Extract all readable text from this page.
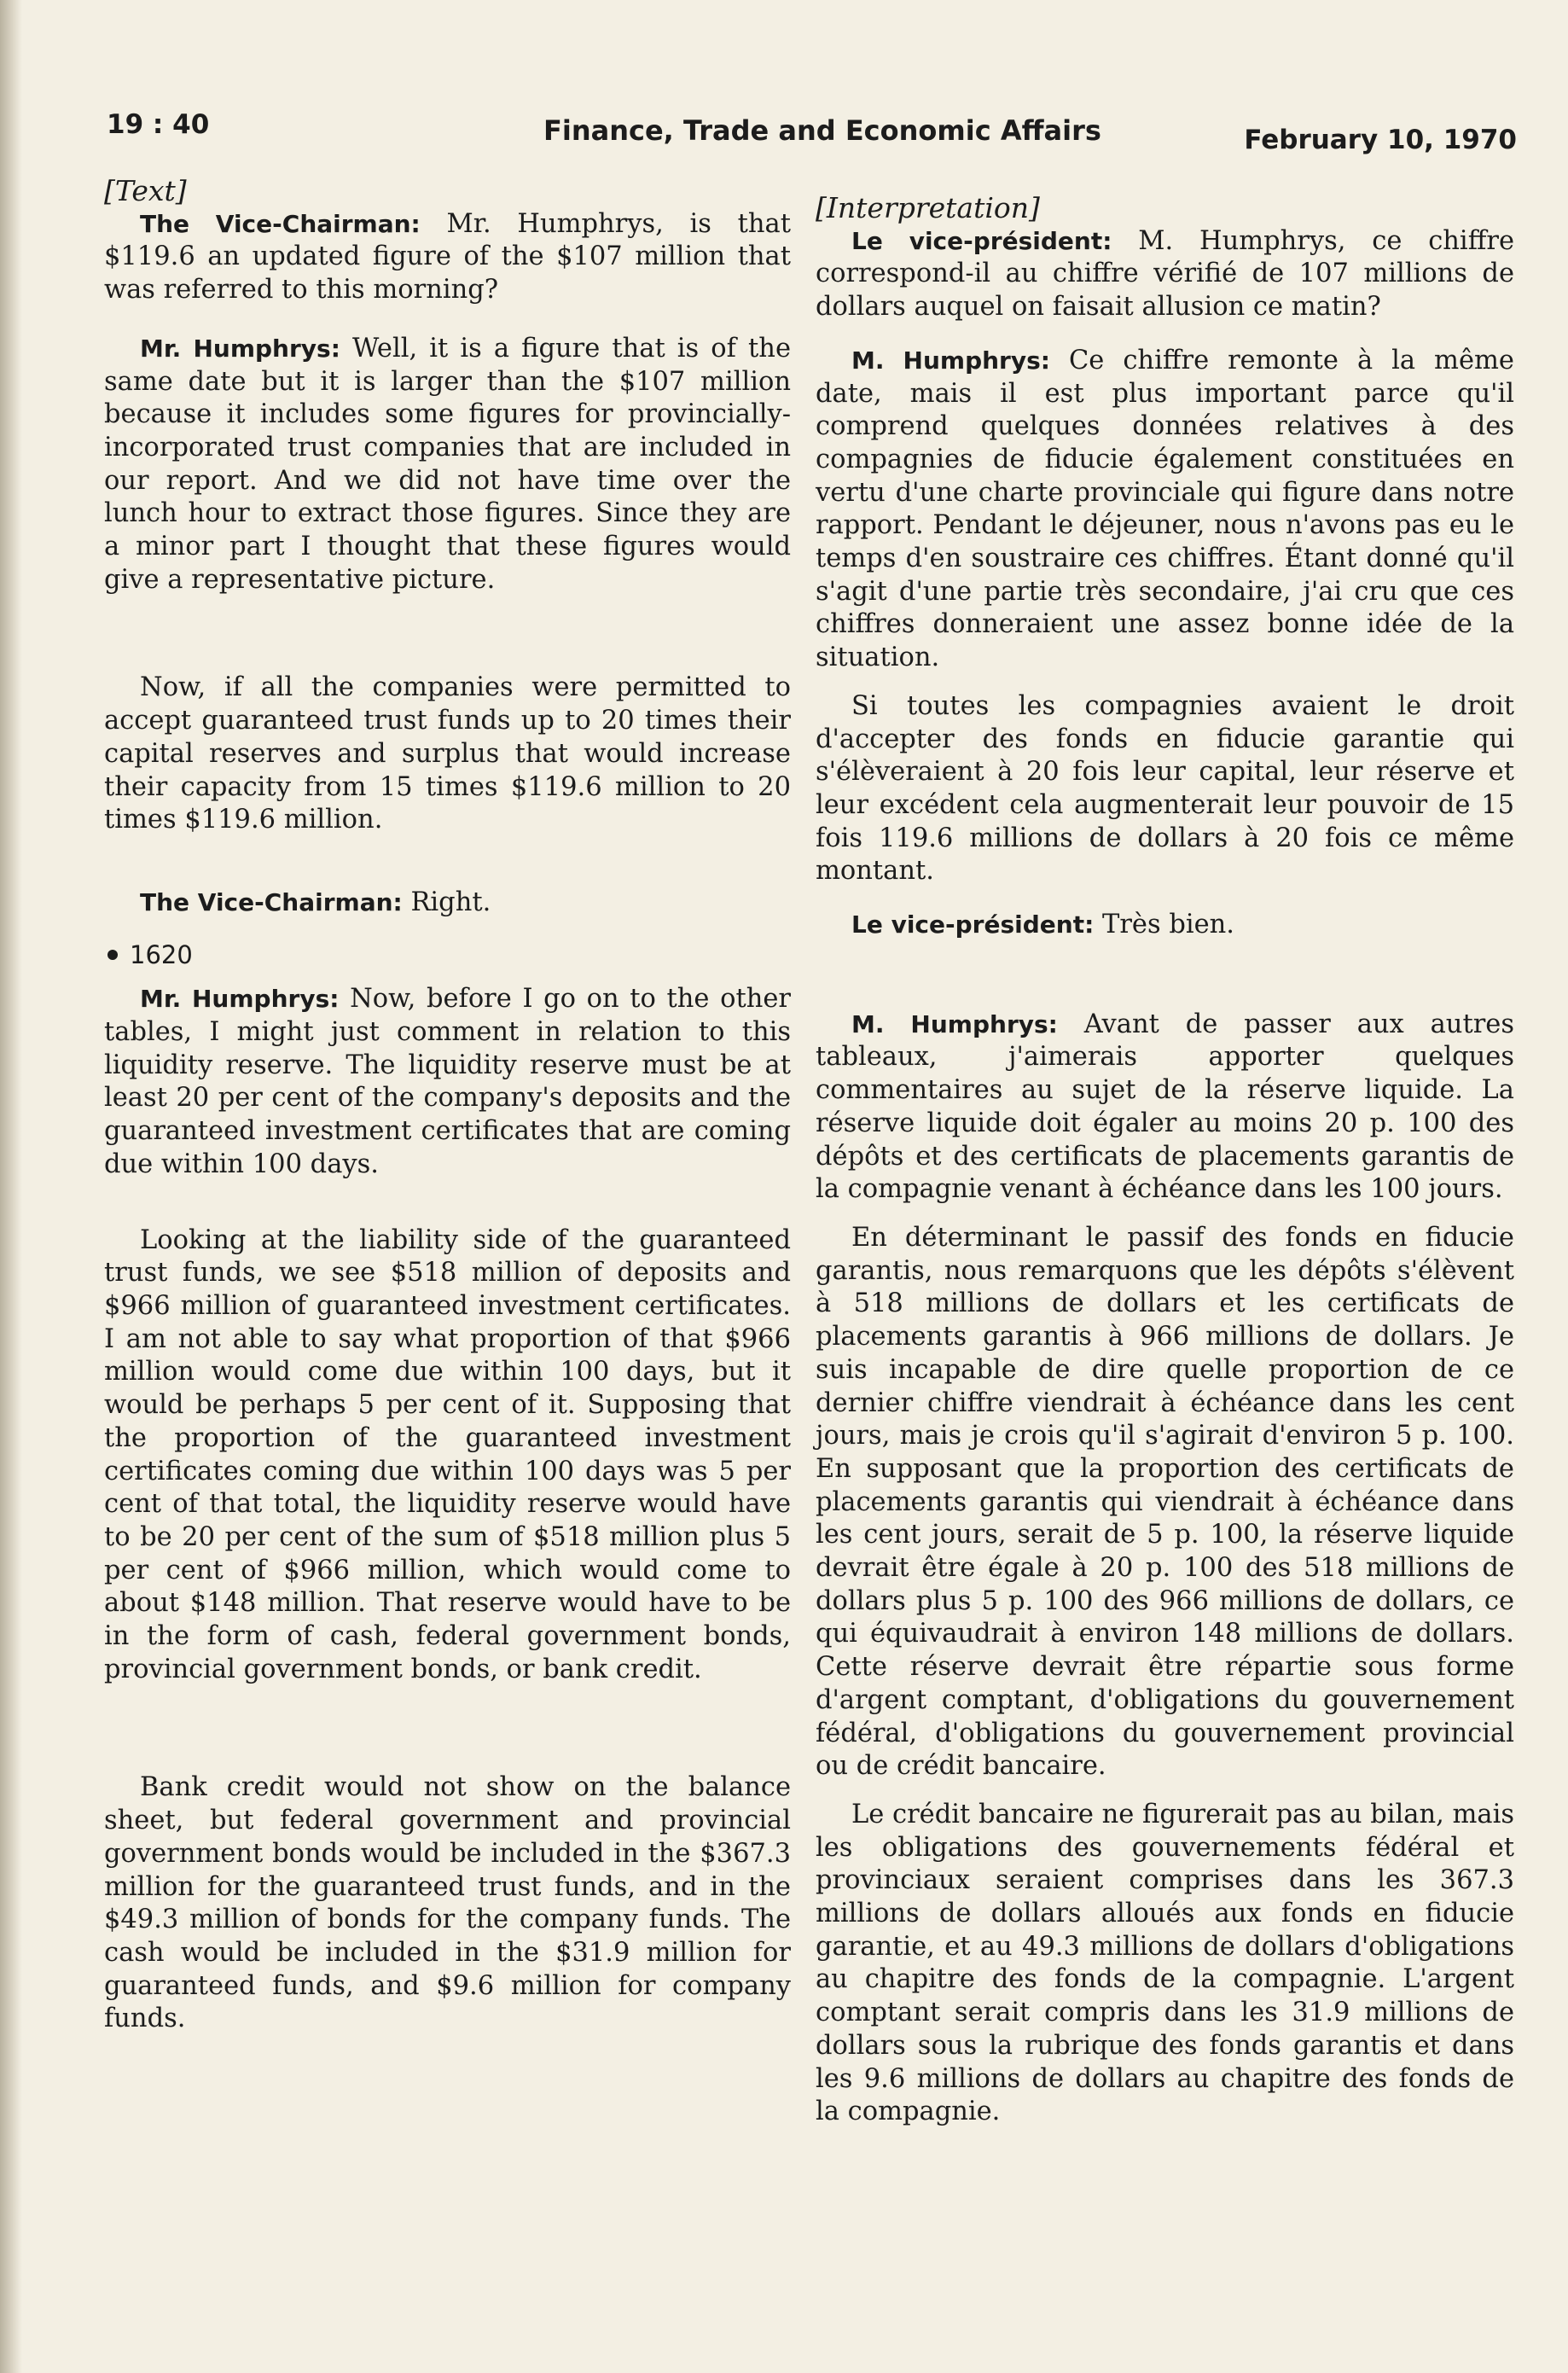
19 : 40	Finance, Trade and Economic Affairs	February 10, 1970

[Text]

The Vice-Chairman: Mr. Humphrys, is that $119.6 an updated figure of the $107 million that was referred to this morning?

Mr. Humphrys: Well, it is a figure that is of the same date but it is larger than the $107 million because it includes some figures for provincially-incorporated trust companies that are included in our report. And we did not have time over the lunch hour to extract those figures. Since they are a minor part I thought that these figures would give a representative picture.

Now, if all the companies were permitted to accept guaranteed trust funds up to 20 times their capital reserves and surplus that would increase their capacity from 15 times $119.6 million to 20 times $119.6 million.

The Vice-Chairman: Right.

1620

Mr. Humphrys: Now, before I go on to the other tables, I might just comment in relation to this liquidity reserve. The liquidity reserve must be at least 20 per cent of the company's deposits and the guaranteed investment certificates that are coming due within 100 days.

Looking at the liability side of the guaranteed trust funds, we see $518 million of deposits and $966 million of guaranteed investment certificates. I am not able to say what proportion of that $966 million would come due within 100 days, but it would be perhaps 5 per cent of it. Supposing that the proportion of the guaranteed investment certificates coming due within 100 days was 5 per cent of that total, the liquidity reserve would have to be 20 per cent of the sum of $518 million plus 5 per cent of $966 million, which would come to about $148 million. That reserve would have to be in the form of cash, federal government bonds, provincial government bonds, or bank credit.

Bank credit would not show on the balance sheet, but federal government and provincial government bonds would be included in the $367.3 million for the guaranteed trust funds, and in the $49.3 million of bonds for the company funds. The cash would be included in the $31.9 million for guaranteed funds, and $9.6 million for company funds.

[Interpretation]

Le vice-président: M. Humphrys, ce chiffre correspond-il au chiffre vérifié de 107 millions de dollars auquel on faisait allusion ce matin?

M. Humphrys: Ce chiffre remonte à la même date, mais il est plus important parce qu'il comprend quelques données relatives à des compagnies de fiducie également constituées en vertu d'une charte provinciale qui figure dans notre rapport. Pendant le déjeuner, nous n'avons pas eu le temps d'en soustraire ces chiffres. Étant donné qu'il s'agit d'une partie très secondaire, j'ai cru que ces chiffres donneraient une assez bonne idée de la situation.

Si toutes les compagnies avaient le droit d'accepter des fonds en fiducie garantie qui s'élèveraient à 20 fois leur capital, leur réserve et leur excédent cela augmenterait leur pouvoir de 15 fois 119.6 millions de dollars à 20 fois ce même montant.

Le vice-président: Très bien.

M. Humphrys: Avant de passer aux autres tableaux, j'aimerais apporter quelques commentaires au sujet de la réserve liquide. La réserve liquide doit égaler au moins 20 p. 100 des dépôts et des certificats de placements garantis de la compagnie venant à échéance dans les 100 jours.

En déterminant le passif des fonds en fiducie garantis, nous remarquons que les dépôts s'élèvent à 518 millions de dollars et les certificats de placements garantis à 966 millions de dollars. Je suis incapable de dire quelle proportion de ce dernier chiffre viendrait à échéance dans les cent jours, mais je crois qu'il s'agirait d'environ 5 p. 100. En supposant que la proportion des certificats de placements garantis qui viendrait à échéance dans les cent jours, serait de 5 p. 100, la réserve liquide devrait être égale à 20 p. 100 des 518 millions de dollars plus 5 p. 100 des 966 millions de dollars, ce qui équivaudrait à environ 148 millions de dollars. Cette réserve devrait être répartie sous forme d'argent comptant, d'obligations du gouvernement fédéral, d'obligations du gouvernement provincial ou de crédit bancaire.

Le crédit bancaire ne figurerait pas au bilan, mais les obligations des gouvernements fédéral et provinciaux seraient comprises dans les 367.3 millions de dollars alloués aux fonds en fiducie garantie, et au 49.3 millions de dollars d'obligations au chapitre des fonds de la compagnie. L'argent comptant serait compris dans les 31.9 millions de dollars sous la rubrique des fonds garantis et dans les 9.6 millions de dollars au chapitre des fonds de la compagnie.
